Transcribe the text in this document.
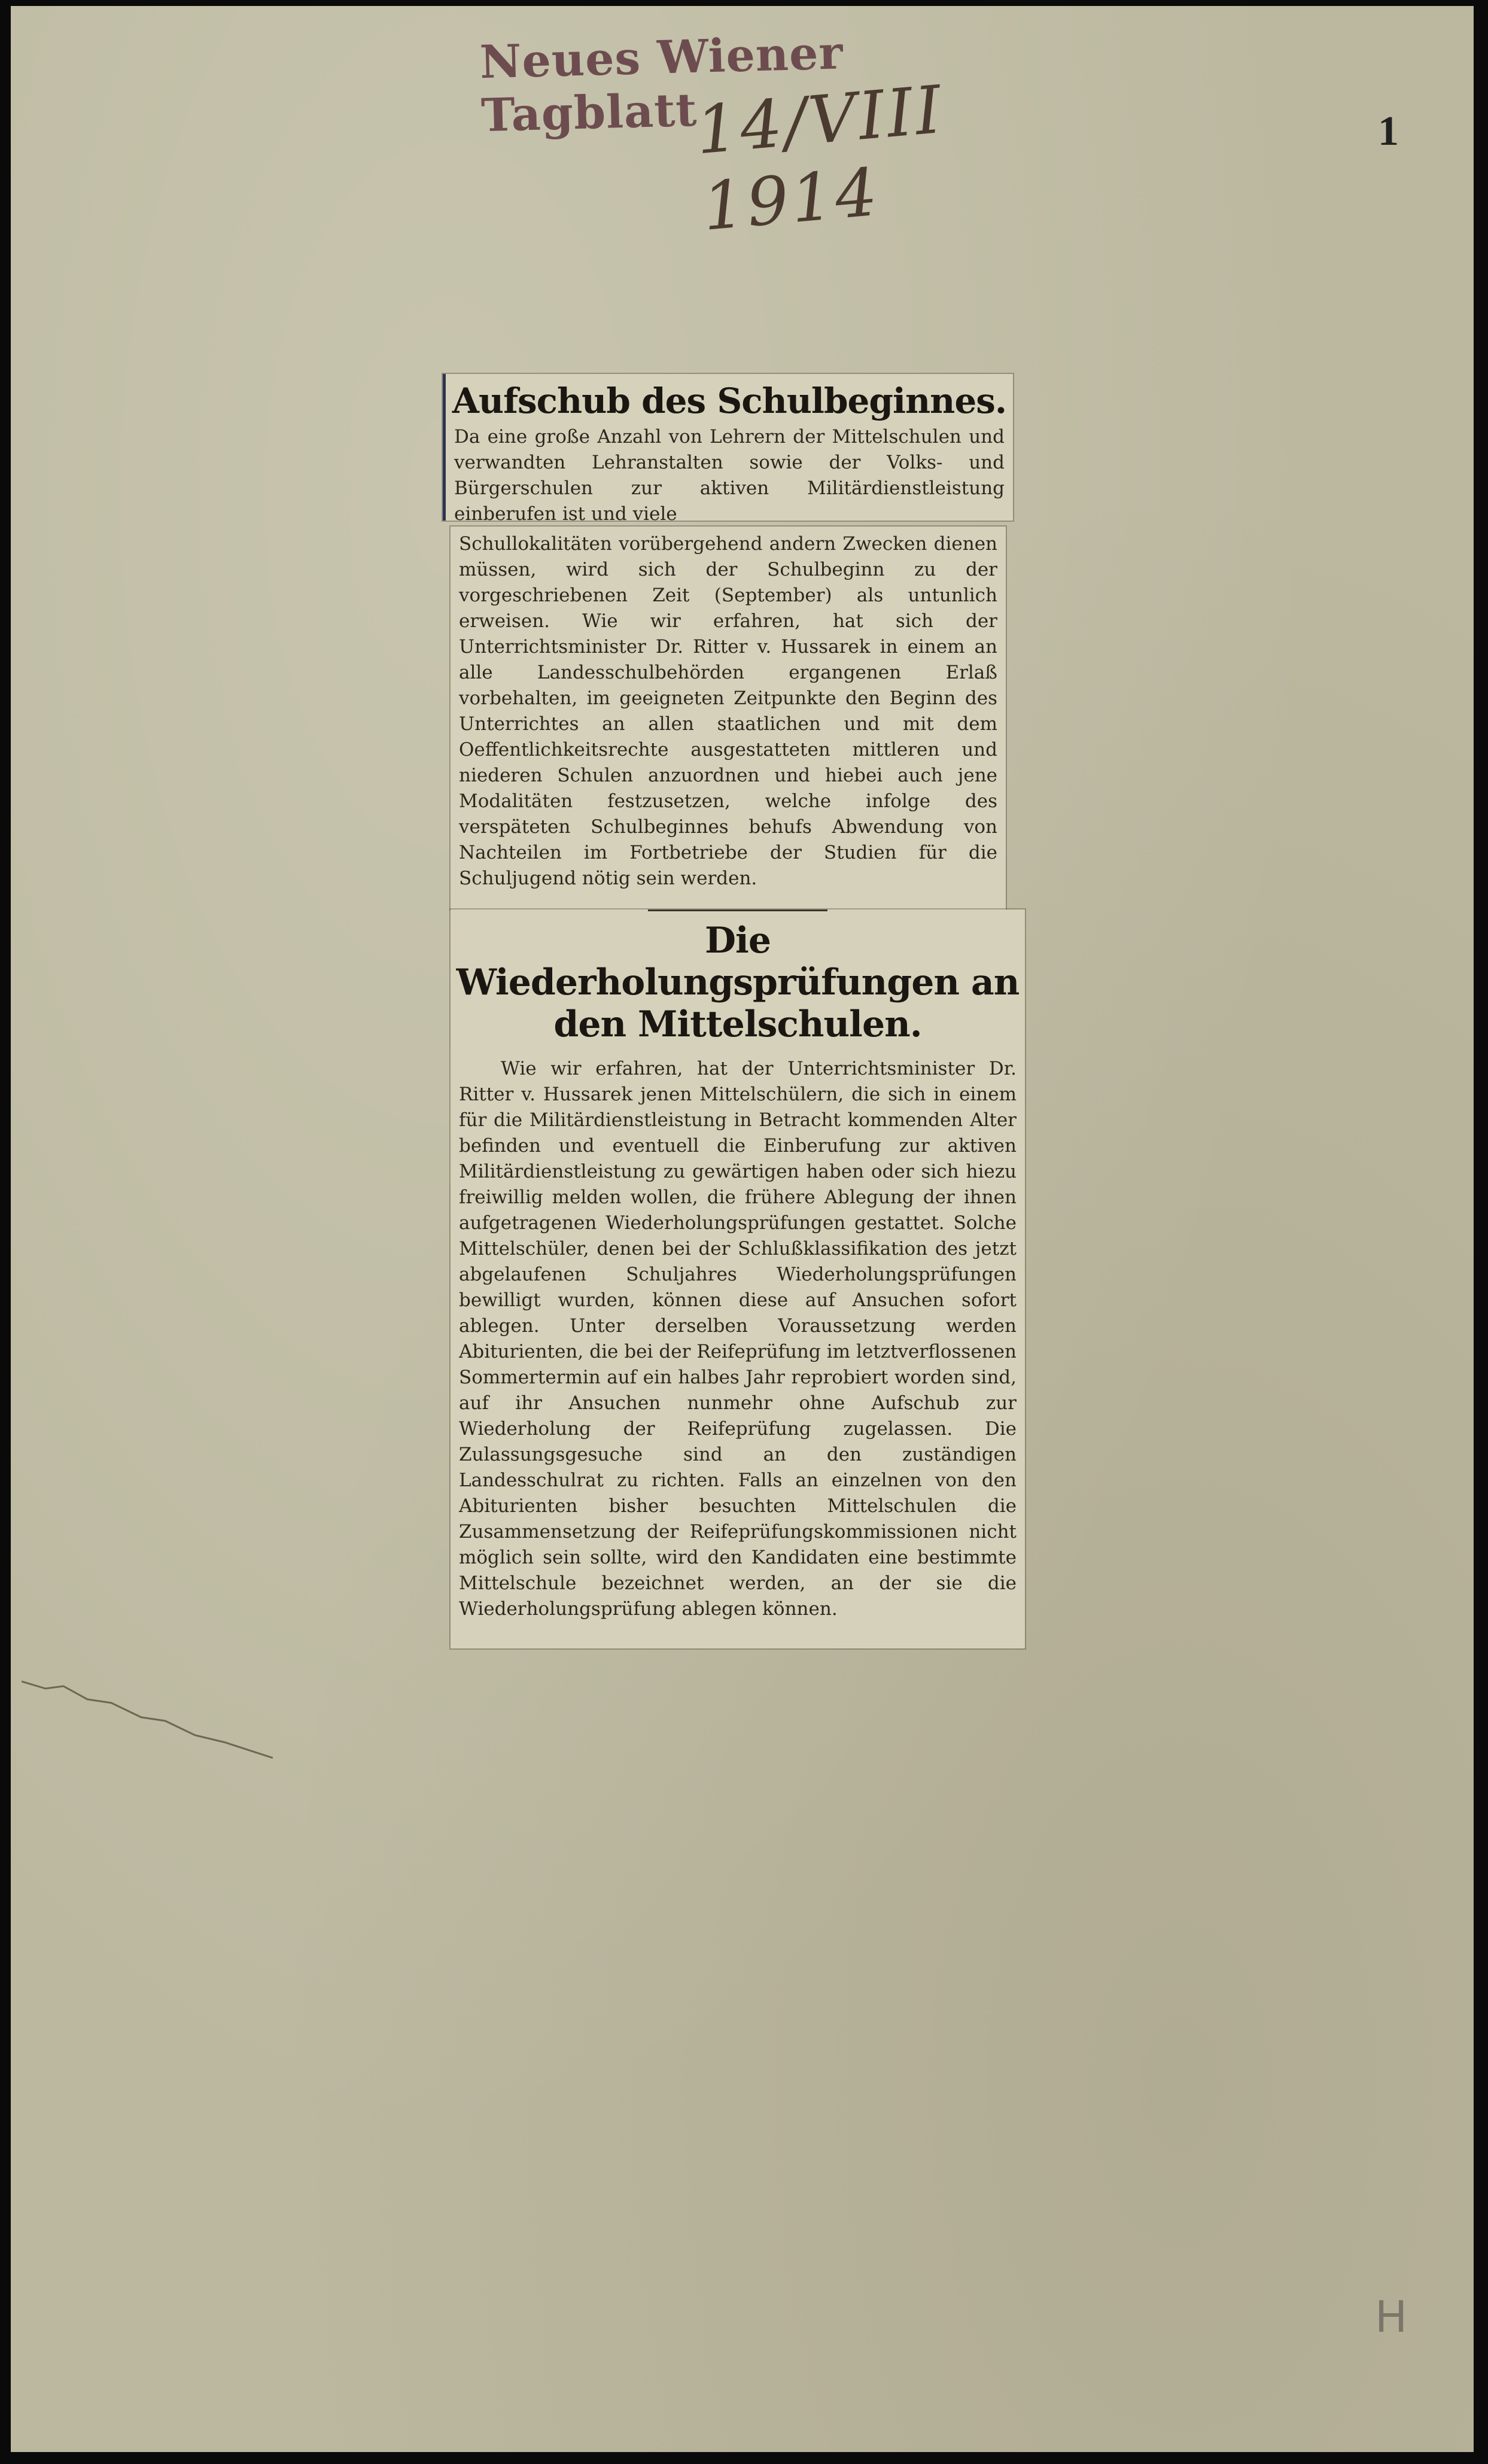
Neues Wiener Tagblatt
14/VIII 1914
1
H
Aufschub des Schulbeginnes.
Da eine große Anzahl von Lehrern der Mittelschulen und verwandten Lehranstalten sowie der Volks- und Bürgerschulen zur aktiven Militärdienstleistung einberufen ist und viele
Schullokalitäten vorübergehend andern Zwecken dienen müssen, wird sich der Schulbeginn zu der vorgeschriebenen Zeit (September) als untunlich erweisen. Wie wir erfahren, hat sich der Unterrichtsminister Dr. Ritter v. Hussarek in einem an alle Landesschulbehörden ergangenen Erlaß vorbehalten, im geeigneten Zeitpunkte den Beginn des Unterrichtes an allen staatlichen und mit dem Oeffentlichkeitsrechte ausgestatteten mittleren und niederen Schulen anzuordnen und hiebei auch jene Modalitäten festzusetzen, welche infolge des verspäteten Schulbeginnes behufs Abwendung von Nachteilen im Fortbetriebe der Studien für die Schuljugend nötig sein werden.
Die Wiederholungsprüfungen an den Mittelschulen.
Wie wir erfahren, hat der Unterrichtsminister Dr. Ritter v. Hussarek jenen Mittelschülern, die sich in einem für die Militärdienstleistung in Betracht kommenden Alter befinden und eventuell die Einberufung zur aktiven Militärdienstleistung zu gewärtigen haben oder sich hiezu freiwillig melden wollen, die frühere Ablegung der ihnen aufgetragenen Wiederholungsprüfungen gestattet. Solche Mittelschüler, denen bei der Schlußklassifikation des jetzt abgelaufenen Schuljahres Wiederholungsprüfungen bewilligt wurden, können diese auf Ansuchen sofort ablegen. Unter derselben Voraussetzung werden Abiturienten, die bei der Reifeprüfung im letztverflossenen Sommertermin auf ein halbes Jahr reprobiert worden sind, auf ihr Ansuchen nunmehr ohne Aufschub zur Wiederholung der Reifeprüfung zugelassen. Die Zulassungsgesuche sind an den zuständigen Landesschulrat zu richten. Falls an einzelnen von den Abiturienten bisher besuchten Mittelschulen die Zusammensetzung der Reifeprüfungskommissionen nicht möglich sein sollte, wird den Kandidaten eine bestimmte Mittelschule bezeichnet werden, an der sie die Wiederholungsprüfung ablegen können.
